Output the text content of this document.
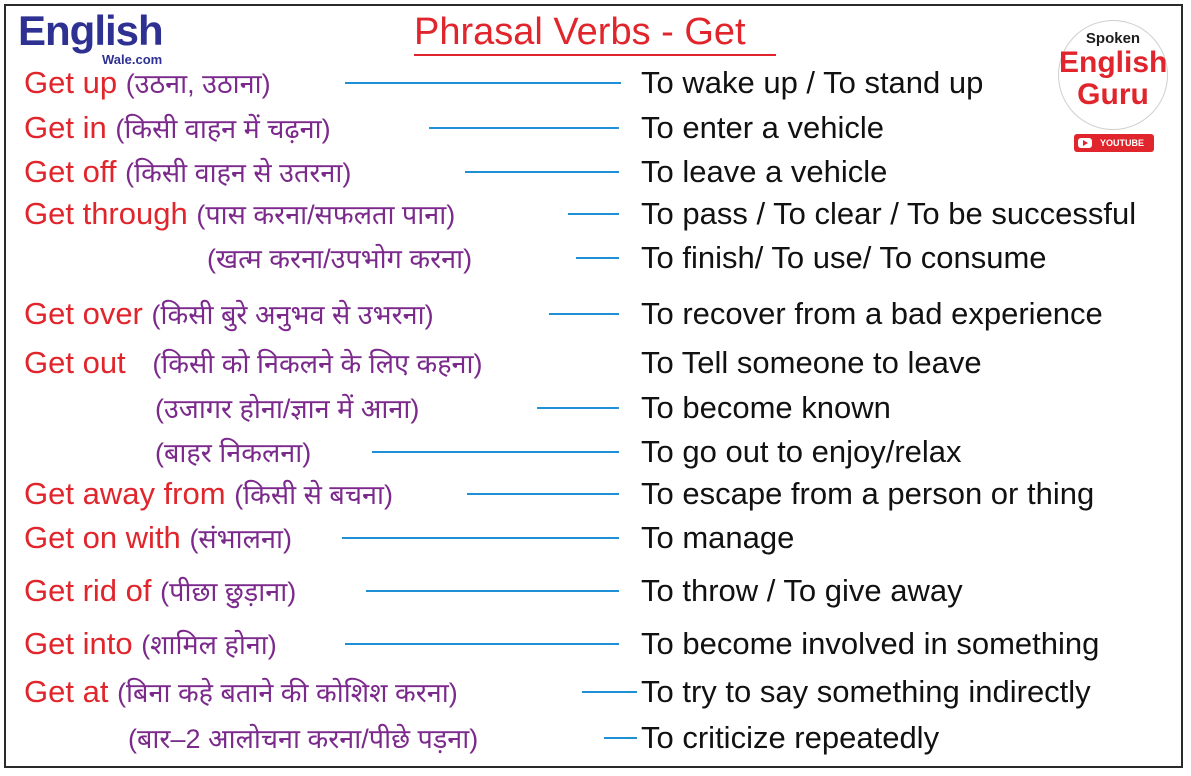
English
Wale.com
Phrasal Verbs - Get	Spoken
English
Guru
YOUTUBE
Get up (उठना, उठाना)	To wake up / To stand up
Get in (किसी वाहन में चढ़ना)	To enter a vehicle
Get off (किसी वाहन से उतरना)	To leave a vehicle
Get through (पास करना/सफलता पाना)	To pass / To clear / To be successful
(खत्म करना/उपभोग करना)	To finish/ To use/ To consume
Get over (किसी बुरे अनुभव से उभरना)	To recover from a bad experience
Get out (किसी को निकलने के लिए कहना)	To Tell someone to leave
(उजागर होना/ज्ञान में आना)	To become known
(बाहर निकलना)	To go out to enjoy/relax
Get away from (किसी से बचना)	To escape from a person or thing
Get on with (संभालना)	To manage
Get rid of (पीछा छुड़ाना)	To throw / To give away
Get into (शामिल होना)	To become involved in something
Get at (बिना कहे बताने की कोशिश करना)	To try to say something indirectly
(बार–2 आलोचना करना/पीछे पड़ना)	To criticize repeatedly
